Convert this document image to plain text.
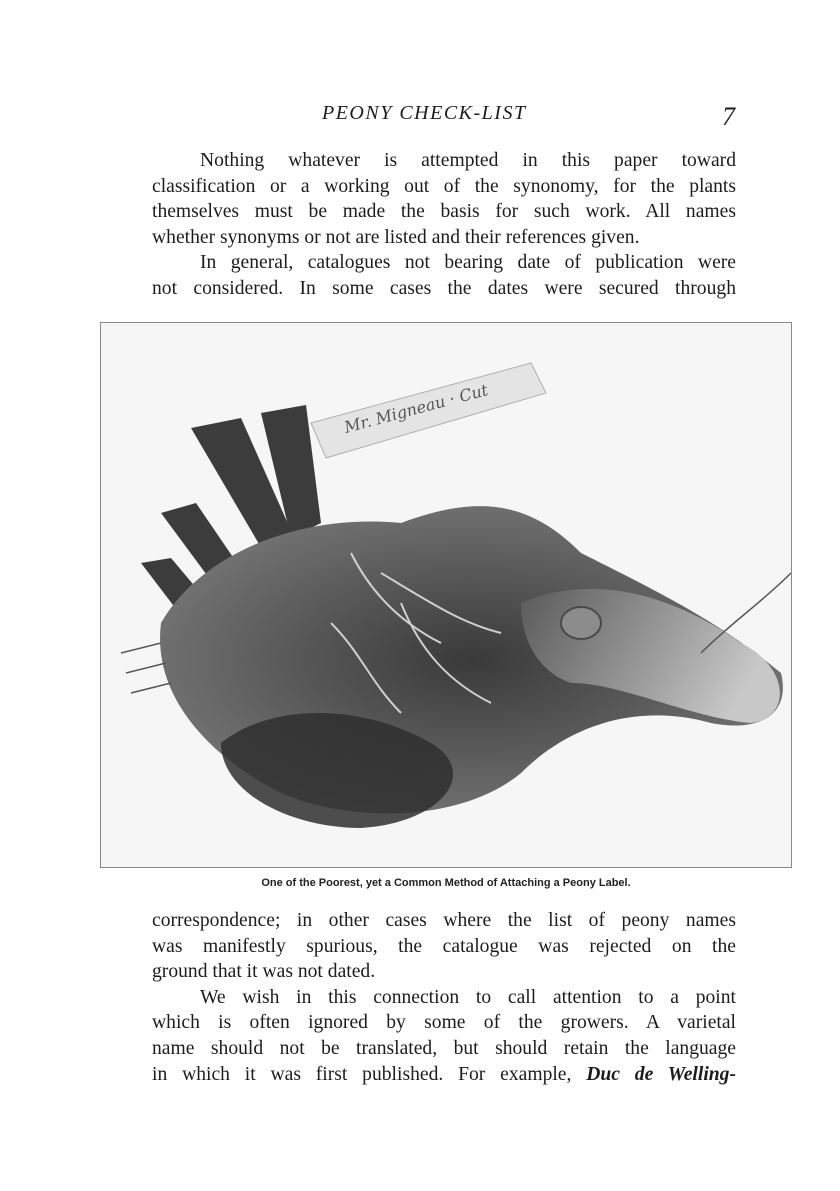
PEONY CHECK-LIST	7

Nothing whatever is attempted in this paper toward

classification or a working out of the synonomy, for the plants

themselves must be made the basis for such work. All names

whether synonyms or not are listed and their references given.

In general, catalogues not bearing date of publication were

not considered. In some cases the dates were secured through

Mr. Migneau · Cut
One of the Poorest, yet a Common Method of Attaching a Peony Label.

correspondence; in other cases where the list of peony names

was manifestly spurious, the catalogue was rejected on the

ground that it was not dated.

We wish in this connection to call attention to a point

which is often ignored by some of the growers. A varietal

name should not be translated, but should retain the language

in which it was first published. For example, Duc de Welling-
